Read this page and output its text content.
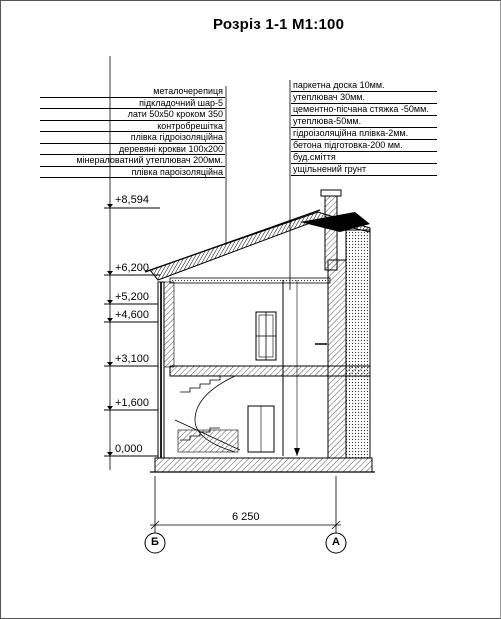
Розріз 1-1 М1:100
металочерепиця
підкладочний шар-5
лати 50х50 кроком 350
контробрешітка
плівка гідроізоляційна
деревяні крокви 100х200
мінераловатний утеплювач 200мм.
плівка пароізоляційна
паркетна доска 10мм.
утеплювач 30мм.
цементно-пісчана стяжка -50мм.
утеплювa-50мм.
гідроізоляційна плівка-2мм.
бетона підготовка-200 мм.
буд.сміття
ущільнений грунт
+8,594
+6,200
+5,200
+4,600
+3,100
+1,600
0,000
6 250
Б	А
